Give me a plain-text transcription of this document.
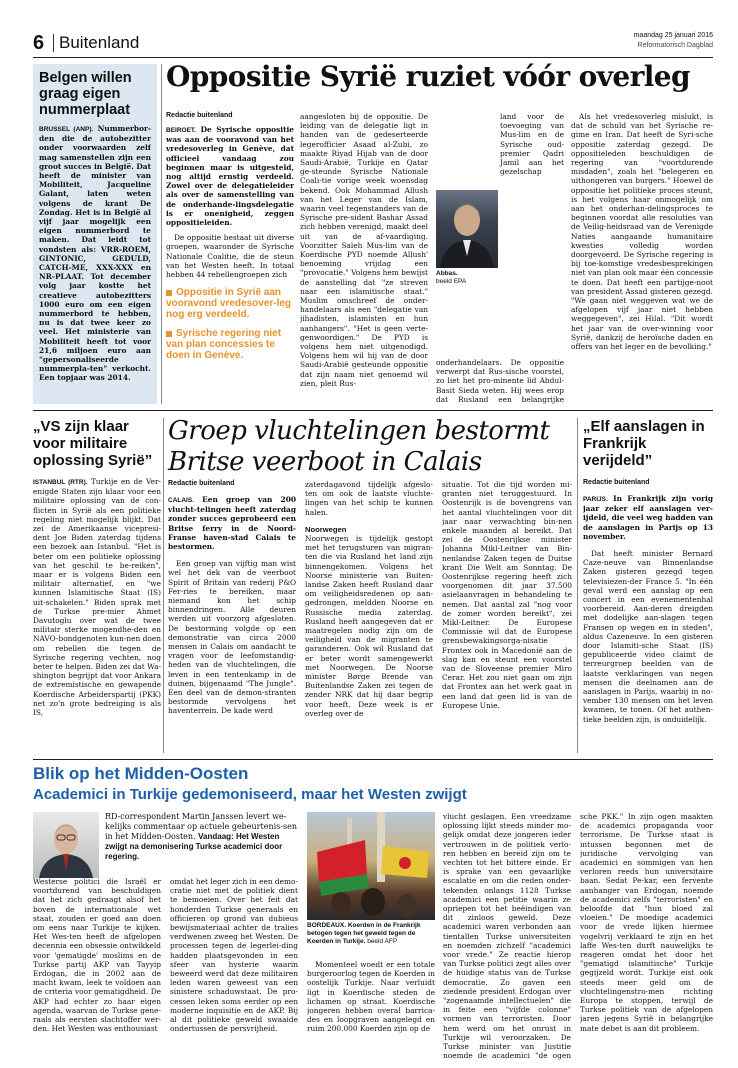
6 Buitenland	maandag 25 januari 2016
Reformatorisch Dagblad
Belgen willen graag eigen nummerplaat
BRUSSEL (ANP). Nummerbor-den die de autobezitter onder voorwaarden zelf mag samenstellen zijn een groot succes in België. Dat heeft de minister van Mobiliteit, Jacqueline Galant, laten weten volgens de krant De Zondag. Het is in België al vijf jaar mogelijk een eigen nummerbord te maken. Dat leidt tot vondsten als: VRR-ROEM, GINTONIC, GEDULD, CATCH-ME, XXX-XXX en NR-PLAAT. Tot december volg jaar kostte het creatieve autobezitters 1000 euro om een eigen nummerbord te hebben, nu is dat twee keer zo veel. Het ministerie van Mobiliteit heeft tot voor 21,6 miljoen euro aan "gepersonaliseerde nummerpla-ten" verkocht. Een topjaar was 2014.
Oppositie Syrië ruziet vóór overleg
Redactie buitenland
BEIROET. De Syrische oppositie was aan de vooravond van het vredesoverleg in Genève, dat officieel vandaag zou beginnen maar is uitgesteld, nog altijd ernstig verdeeld. Zowel over de delegatieleider als over de samenstelling van de onderhande-lingsdelegatie is er onenigheid, zeggen oppositieleiden.

De oppositie bestaat uit diverse groepen, waaronder de Syrische Nationale Coalitie, die de steun van het Westen heeft. In totaal hebben 44 rebellengroepen zich

Oppositie in Syrië aan vooravond vredesover-leg nog erg verdeeld.
Syrische regering niet van plan concessies te doen in Genève.

aangesloten bij de oppositie. De leiding van de delegatie ligt in handen van de gedeserteerde legerofficier Asaad al-Zubi, zo maakte Riyad Hijab van de door Saudi-Arabië, Turkije en Qatar ge-steunde Syrische Nationale Coali-tie vorige week woensdag bekend. Ook Mohammad Allush van het Leger van de Islam, waarin veel tegenstanders van de Syrische pre-sident Bashar Assad zich hebben verenigd, maakt deel uit van de af-vaardiging. Voorzitter Saleh Mus-lim van de Koerdische PYD noemde Allush' benoeming vrijdag een "provocatie." Volgens hem bewijst de aanstelling dat "ze streven naar een islamitische staat." Muslim omschreef de onder-handelaars als een "delegatie van jihadisten, islamisten en hun aanhangers". "Het is geen verte-genwoordigen." De PYD is volgens hem niet uitgenodigd. Volgens hem wil hij van de door Saudi-Arabië gesteunde oppositie dat zijn naam niet genoemd wil zien, pleit Rus-

Abbas.
beeld EPA
land voor de toevoeging van Mus-lim en de Syrische oud-premier Qadri Jamil aan het gezelschap onderhandelaars. De oppositie verwerpt dat Rus-sische voorstel, zo liet het pro-minente lid Abdul-Basit Sieda weten. Hij wees erop dat Rusland een belangrijke

Als het vredesoverleg mislukt, is dat de schuld van het Syrische re-gime en Iran. Dat heeft de Syri-sche oppositie zaterdag gezegd. De oppositieleden beschuldigen de regering van "voortdurende misdaden", zoals het "belegeren en uithongeren van burgers." Hoewel de oppositie het politieke proces steunt, is het volgens haar onmogelijk om aan het onderhan-delingsproces te beginnen voordat alle resoluties van de Veilig-heidsraad van de Verenigde Naties aangaande humanitaire kwesties volledig worden doorgevoerd. De Syrische regering is bij toe-komstige vredesbesprekingen niet van plan ook maar één concessie te doen. Dat heeft een partijge-noot van president Assad gisteren gezegd. "We gaan niet weggeven wat we de afgelopen vijf jaar niet hebben weggegeven", zei Hilal. "Dit wordt het jaar van de over-winning voor Syrië, dankzij de heroïsche daden en offers van het leger en de bevolking."

„VS zijn klaar voor militaire oplossing Syrië”
ISTANBUL (RTR). Turkije en de Ver-enigde Staten zijn klaar voor een militaire oplossing van de con-flicten in Syrië als een politieke regeling niet mogelijk blijkt. Dat zei de Amerikaanse vicepresi-dent Joe Biden zaterdag tijdens een bezoek aan Istanbul. "Het is beter om een politieke oplossing van het geschil te be-reiken", maar er is volgens Biden een militair alternatief, en "we kunnen Islamitische Staat (IS) uit-schakelen." Biden sprak met de Turkse pre-mier Ahmet Davutoglu over wat de twee militair sterke mogendhe-den en NAVO-bondgenoten kun-nen doen om rebellen die tegen de Syrische regering vechten, nog beter te helpen. Biden zei dat Wa-shington begrijpt dat voor Ankara de extremistische en gewapende Koerdische Arbeiderspartij (PKK) net zo'n grote bedreiging is als IS,
Groep vluchtelingen bestormt
Britse veerboot in Calais
Redactie buitenland
CALAIS. Een groep van 200 vlucht-telingen heeft zaterdag zonder succes geprobeerd een Britse ferry in de Noord-Franse haven-stad Calais te bestormen.

Een groep van vijftig man wist wel het dek van de veerboot Spirit of Britain van rederij P&O Fer-ries te bereiken, maar niemand kon het schip binnendringen. Alle deuren werden uit voorzorg afgesloten. De bestorming volgde op een demonstratie van circa 2000 mensen in Calais om aandacht te vragen voor de leefomstandig-heden van de vluchtelingen, die leven in een tentenkamp in de duinen, bijgenaamd "The Jungle". Een deel van de demon-stranten bestormde vervolgens het haventerrein. De kade werd

zaterdagavond tijdelijk afgeslo-ten om ook de laatste vluchte-lingen van het schip te kunnen halen.

Noorwegen

Noorwegen is tijdelijk gestopt met het terugsturen van migran-ten die via Rusland het land zijn binnengekomen. Volgens het Noorse ministerie van Buiten-landse Zaken heeft Rusland daar om veiligheidsredenen op aan-gedrongen, meldden Noorse en Russische media zaterdag. Rusland heeft aangegeven dat er maatregelen nodig zijn om de veiligheid van de migranten te garanderen. Ook wil Rusland dat er beter wordt samengewerkt met Noorwegen. De Noorse minister Børge Brende van Buitenlandse Zaken zei tegen de zender NRK dat hij daar begrip voor heeft. Deze week is er overleg over de

situatie. Tot die tijd worden mi-granten niet teruggestuurd. In Oostenrijk is de bovengrens van het aantal vluchtelingen voor dit jaar naar verwachting bin-nen enkele maanden al bereikt. Dat zei de Oostenrijkse minister Johanna Mikl-Leitner van Bin-nenlandse Zaken tegen de Duitse krant Die Welt am Sonntag. De Oostenrijkse regering heeft zich voorgenomen dit jaar 37.500 asielaanvragen in behandeling te nemen. Dat aantal zal "nog voor de zomer worden bereikt", zei Mikl-Leitner. De Europese Commissie wil dat de Europese grensbewakingsorga-nisatie Frontex ook in Macedonië aan de slag kan en steunt een voorstel van de Sloveense premier Miro Cerar. Het zou niet gaan om zijn dat Frontex aan het werk gaat in een land dat geen lid is van de Europese Unie.

„Elf aanslagen in Frankrijk verijdeld”
Redactie buitenland
PARIJS. In Frankrijk zijn vorig jaar zeker elf aanslagen ver-ijdeld, die veel weg hadden van de aanslagen in Parijs op 13 november.

Dat heeft minister Bernard Caze-neuve van Binnenlandse Zaken gisteren gezegd tegen televisiezen-der France 5. "In één geval werd een aanslag op een concert in een evenementenhal voorbereid. Aan-deren dreigden met dodelijke aan-slagen tegen Fransen op wegen en in steden", aldus Cazeneuve. In een gisteren door Islamiti-sche Staat (IS) gepubliceerde video claimt de terreurgroep beelden van de laatste verklaringen van negen mensen die deelnamen aan de aanslagen in Parijs, waarbij in no-vember 130 mensen om het leven kwamen, te tonen. Of het authen-tieke beelden zijn, is onduidelijk.

Blik op het Midden-Oosten
Academici in Turkije gedemoniseerd, maar het Westen zwijgt
RD-correspondent Martin Janssen levert we-kelijks commentaar op actuele gebeurtenis-sen in het Midden-Oosten. Vandaag: Het Westen zwijgt na demonisering Turkse academici door regering.

Westerse politici die Israël er voortdurend van beschuldigen dat het zich gedraagt alsof het boven de internationale wet staat, zouden er goed aan doen om eens naar Turkije te kijken. Het Wes-ten heeft de afgelopen decennia een obsessie ontwikkeld voor 'gematigde' moslims en de Turkse partij AKP van Tayyip Erdogan, die in 2002 aan de macht kwam, leek te voldoen aan de criteria voor gematigdheid. De AKP had echter zo haar eigen agenda, waarvan de Turkse gene-raals als eersten slachtoffer wer-den. Het Westen was enthousiast

omdat het leger zich in een demo-cratie niet met de politiek dient te bemoeien. Over het feit dat honderden Turkse generaals en officieren op grond van dubieus bewijsmateriaal achter de tralies verdwenen zweeg het Westen. De processen tegen de legerlei-ding hadden plaatsgevonden in een sfeer van hysterie waarin beweerd werd dat deze militairen leden waren geweest van een sinistere schaduwstaat. De pro-cessen leken soms eerder op een moderne inquisitie en de AKP. Bij al dit politieke geweld swaaide ondertussen de persvrijheid.

BORDEAUX. Koerden in de Frankrijk betogen tegen het geweld tegen de Koerden in Turkije. beeld AFP

Momenteel woedt er een totale burgeroorlog tegen de Koerden in oostelijk Turkije. Naar verluidt ligt in Koerdische steden de lichamen op straat. Koerdische jongeren hebben overal barrica-des en loopgraven aangelegd en ruim 200.000 Koerden zijn op de

vlucht geslagen. Een vreedzame oplossing lijkt steeds minder mo-gelijk omdat deze jongeren ieder vertrouwen in de politiek verlo-ren hebben en bereid zijn om te vechten tot het bittere einde. Er is sprake van een gevaarlijke escalatie en om die reden onder-tekenden onlangs 1128 Turkse academici een petitie waarin ze opriepen tot het beëindigen van dit zinloos geweld. Deze academici waren verbonden aan tientallen Turkse universiteiten en noemden zichzelf "academici voor vrede." Ze reactie hierop van Turkse politici zegt alles over de huidige status van de Turkse democratie. Zo gaven een ziedende president Erdogan over "zogenaamde intellectuelen" die in feite een "vijfde colonne" vormen van terroristen. Door hem werd om het onrust in Turkije wil veroorzaken. De Turkse minister van Justitie noemde de academici "de ogen

sche PKK." In zijn ogen maakten de academici propaganda voor terrorisme. De Turkse staat is intussen begonnen met de juridische vervolging van academici en sommigen van hen verloren reeds hun universitaire baan. Sedat Pe-kar, een fervente aanhanger van Erdogan, noemde de academici zelfs "terroristen" en beloofde dat "hun bloed zal vloeien." De moedige academici voor de vrede lijken hiermee vogelvrij verklaard te zijn en het laffe Wes-ten durft nauwelijks te reageren omdat het door het "gematigd islamitische" Turkije gegijzeld wordt. Turkije eist ook steeds meer geld om de vluchtelingenstro-men richting Europa te stoppen, terwijl de Turkse politiek van de afgelopen jaren jegens Syrië in belangrijke mate debet is aan dit probleem.
